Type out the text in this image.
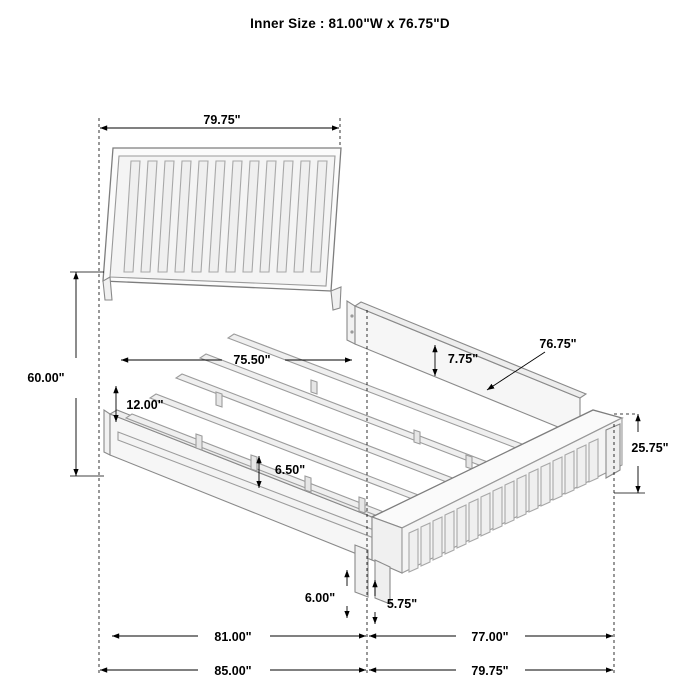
Inner Size : 81.00"W x 76.75"D
79.75"
60.00"
75.50"
12.00"
7.75"
76.75"
6.50"
25.75"
6.00"	5.75"
81.00"	77.00"
85.00"	79.75"
